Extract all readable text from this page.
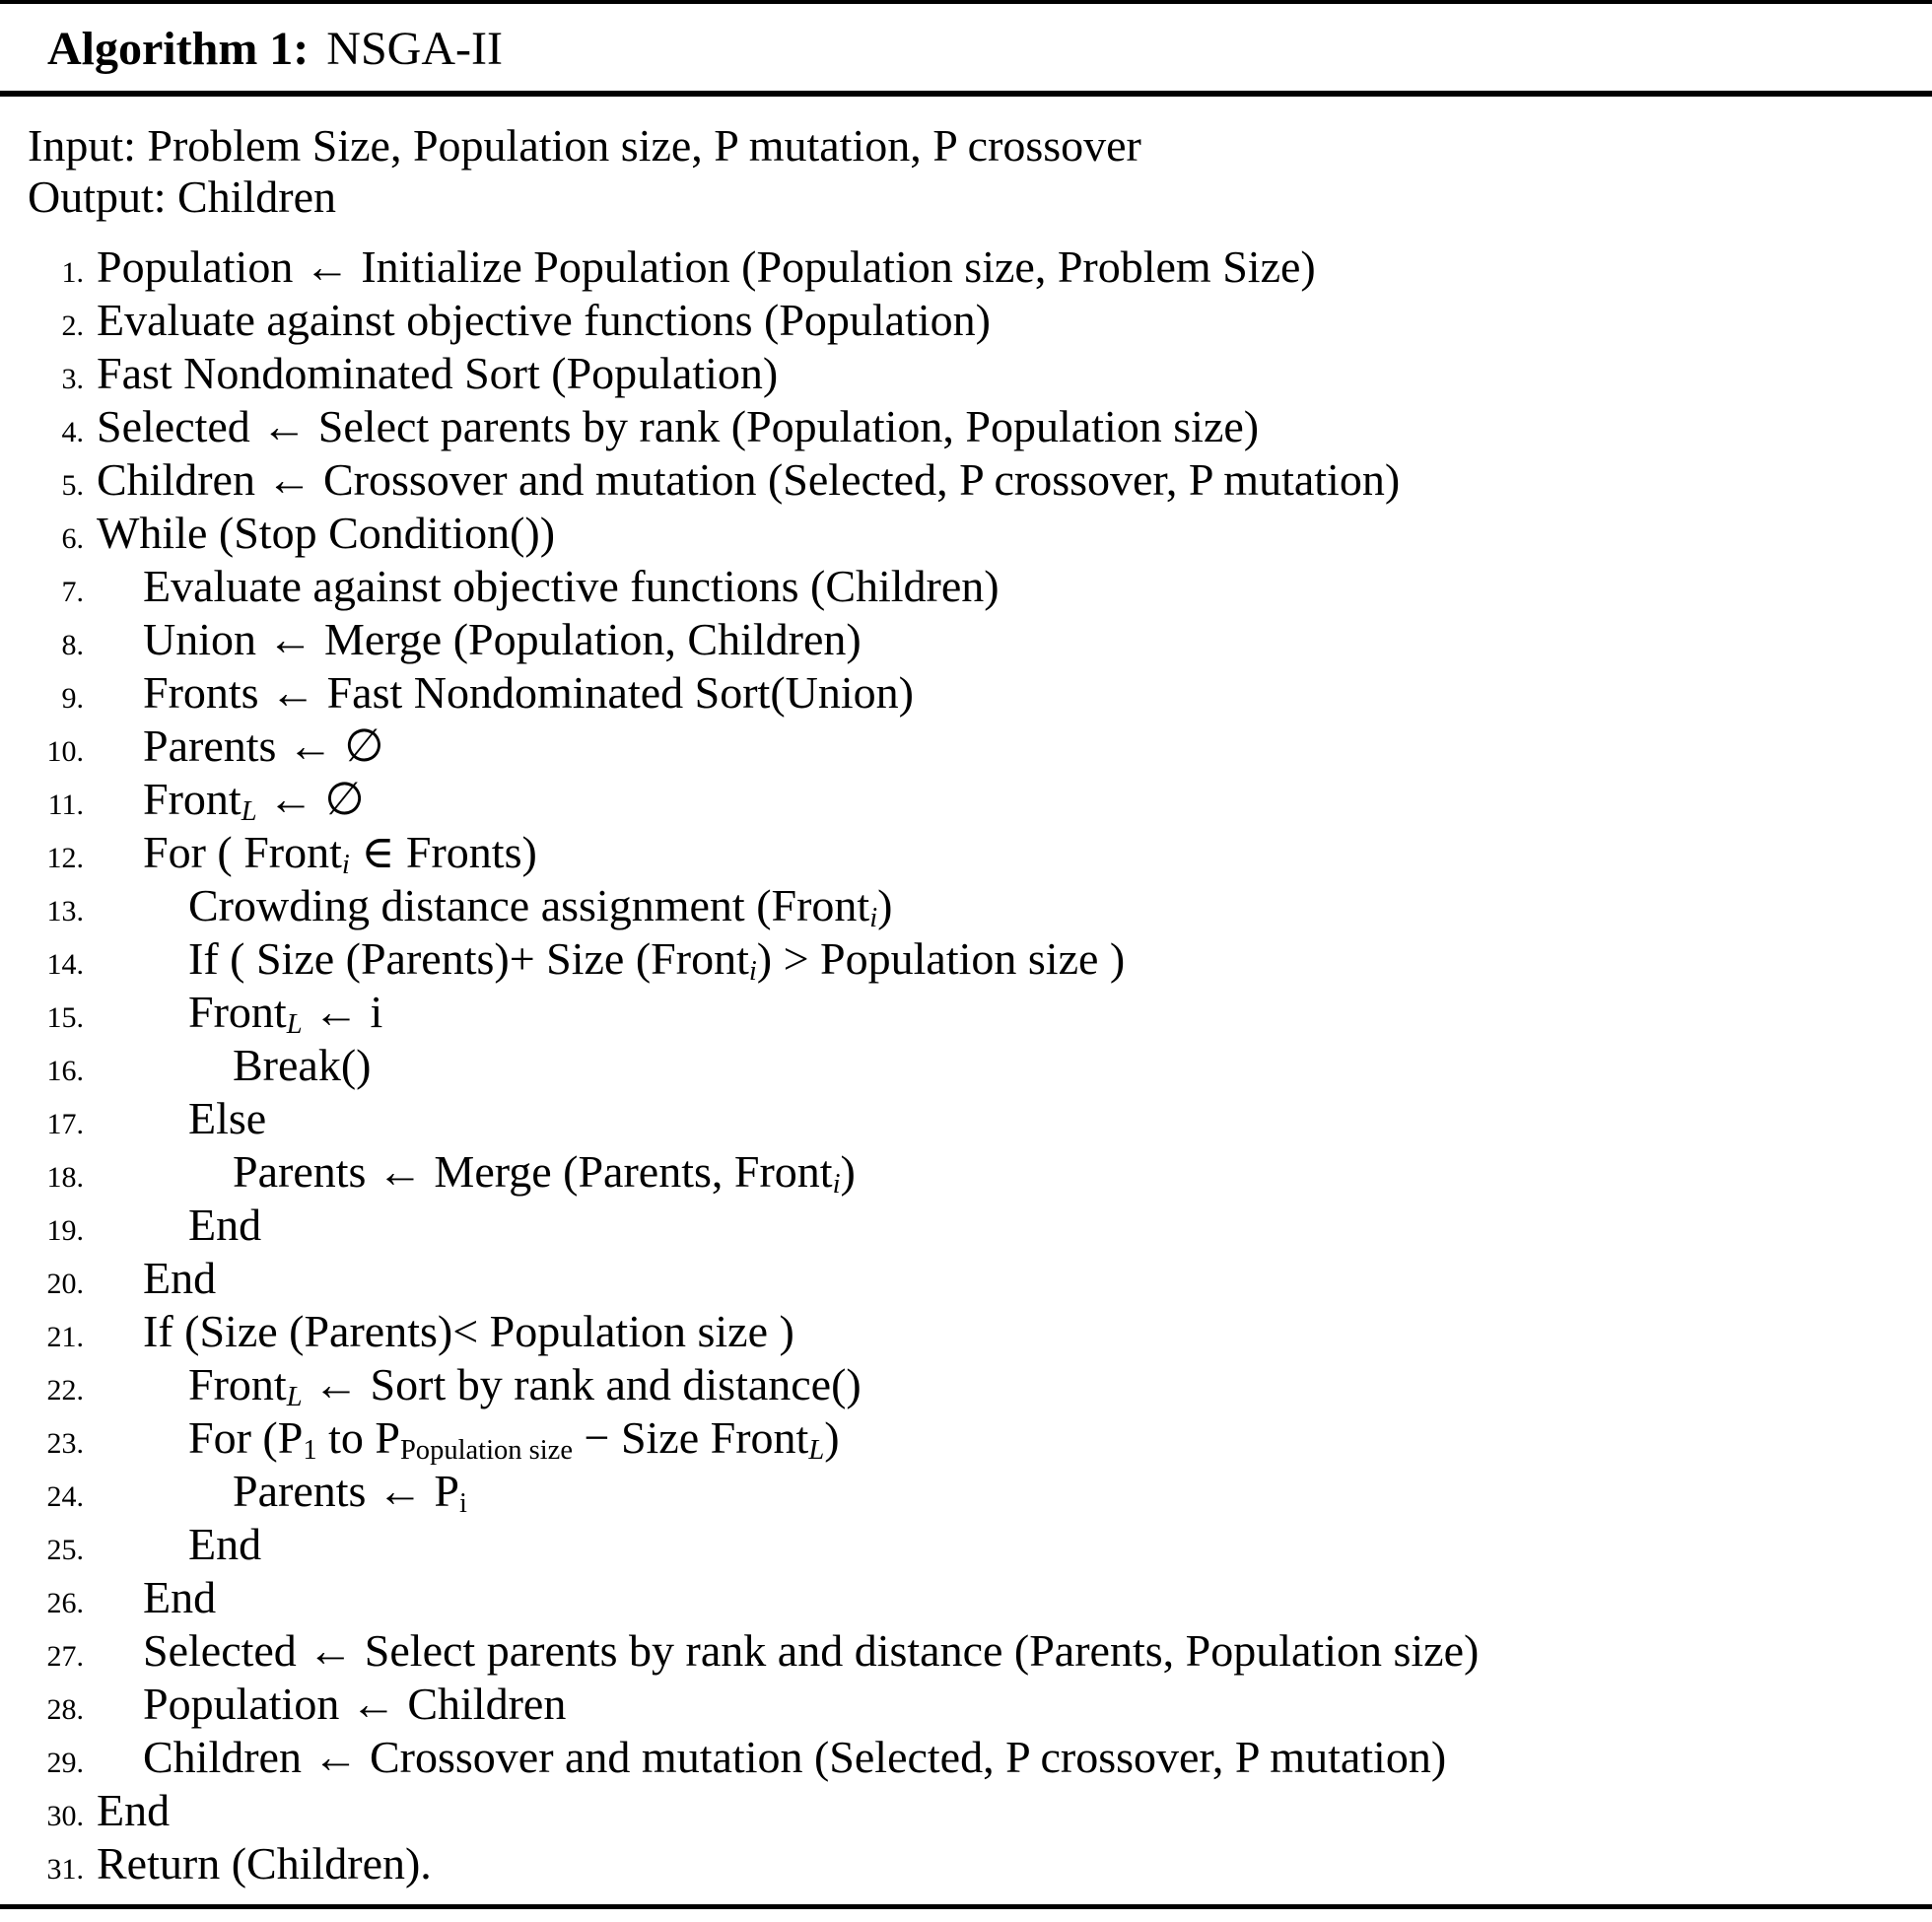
Algorithm 1: NSGA-II
Input: Problem Size, Population size, P mutation, P crossover
Output: Children
1. Population ← Initialize Population (Population size, Problem Size)
2. Evaluate against objective functions (Population)
3. Fast Nondominated Sort (Population)
4. Selected ← Select parents by rank (Population, Population size)
5. Children ← Crossover and mutation (Selected, P crossover, P mutation)
6. While (Stop Condition())
7. Evaluate against objective functions (Children)
8. Union ← Merge (Population, Children)
9. Fronts ← Fast Nondominated Sort(Union)
10. Parents ← ∅
11. Front$_L$ ← ∅
12. For ( Front$_i$ ∈ Fronts)
13. Crowding distance assignment (Front$_i$)
14. If ( Size (Parents)+ Size (Front$_i$) > Population size )
15. Front$_L$ ← i
16.	Break()
17. Else
18.	Parents ← Merge (Parents, Front$_i$)
19. End
20. End
21. If (Size (Parents)< Population size )
22. Front$_L$ ← Sort by rank and distance()
23. For ($P_1$ to $P_{Population size}$ − Size Front$_L$)
24.	Parents ← $P_i$
25. End
26. End
27. Selected ← Select parents by rank and distance (Parents, Population size)
28. Population ← Children
29. Children ← Crossover and mutation (Selected, P crossover, P mutation)
30. End
31. Return (Children).
